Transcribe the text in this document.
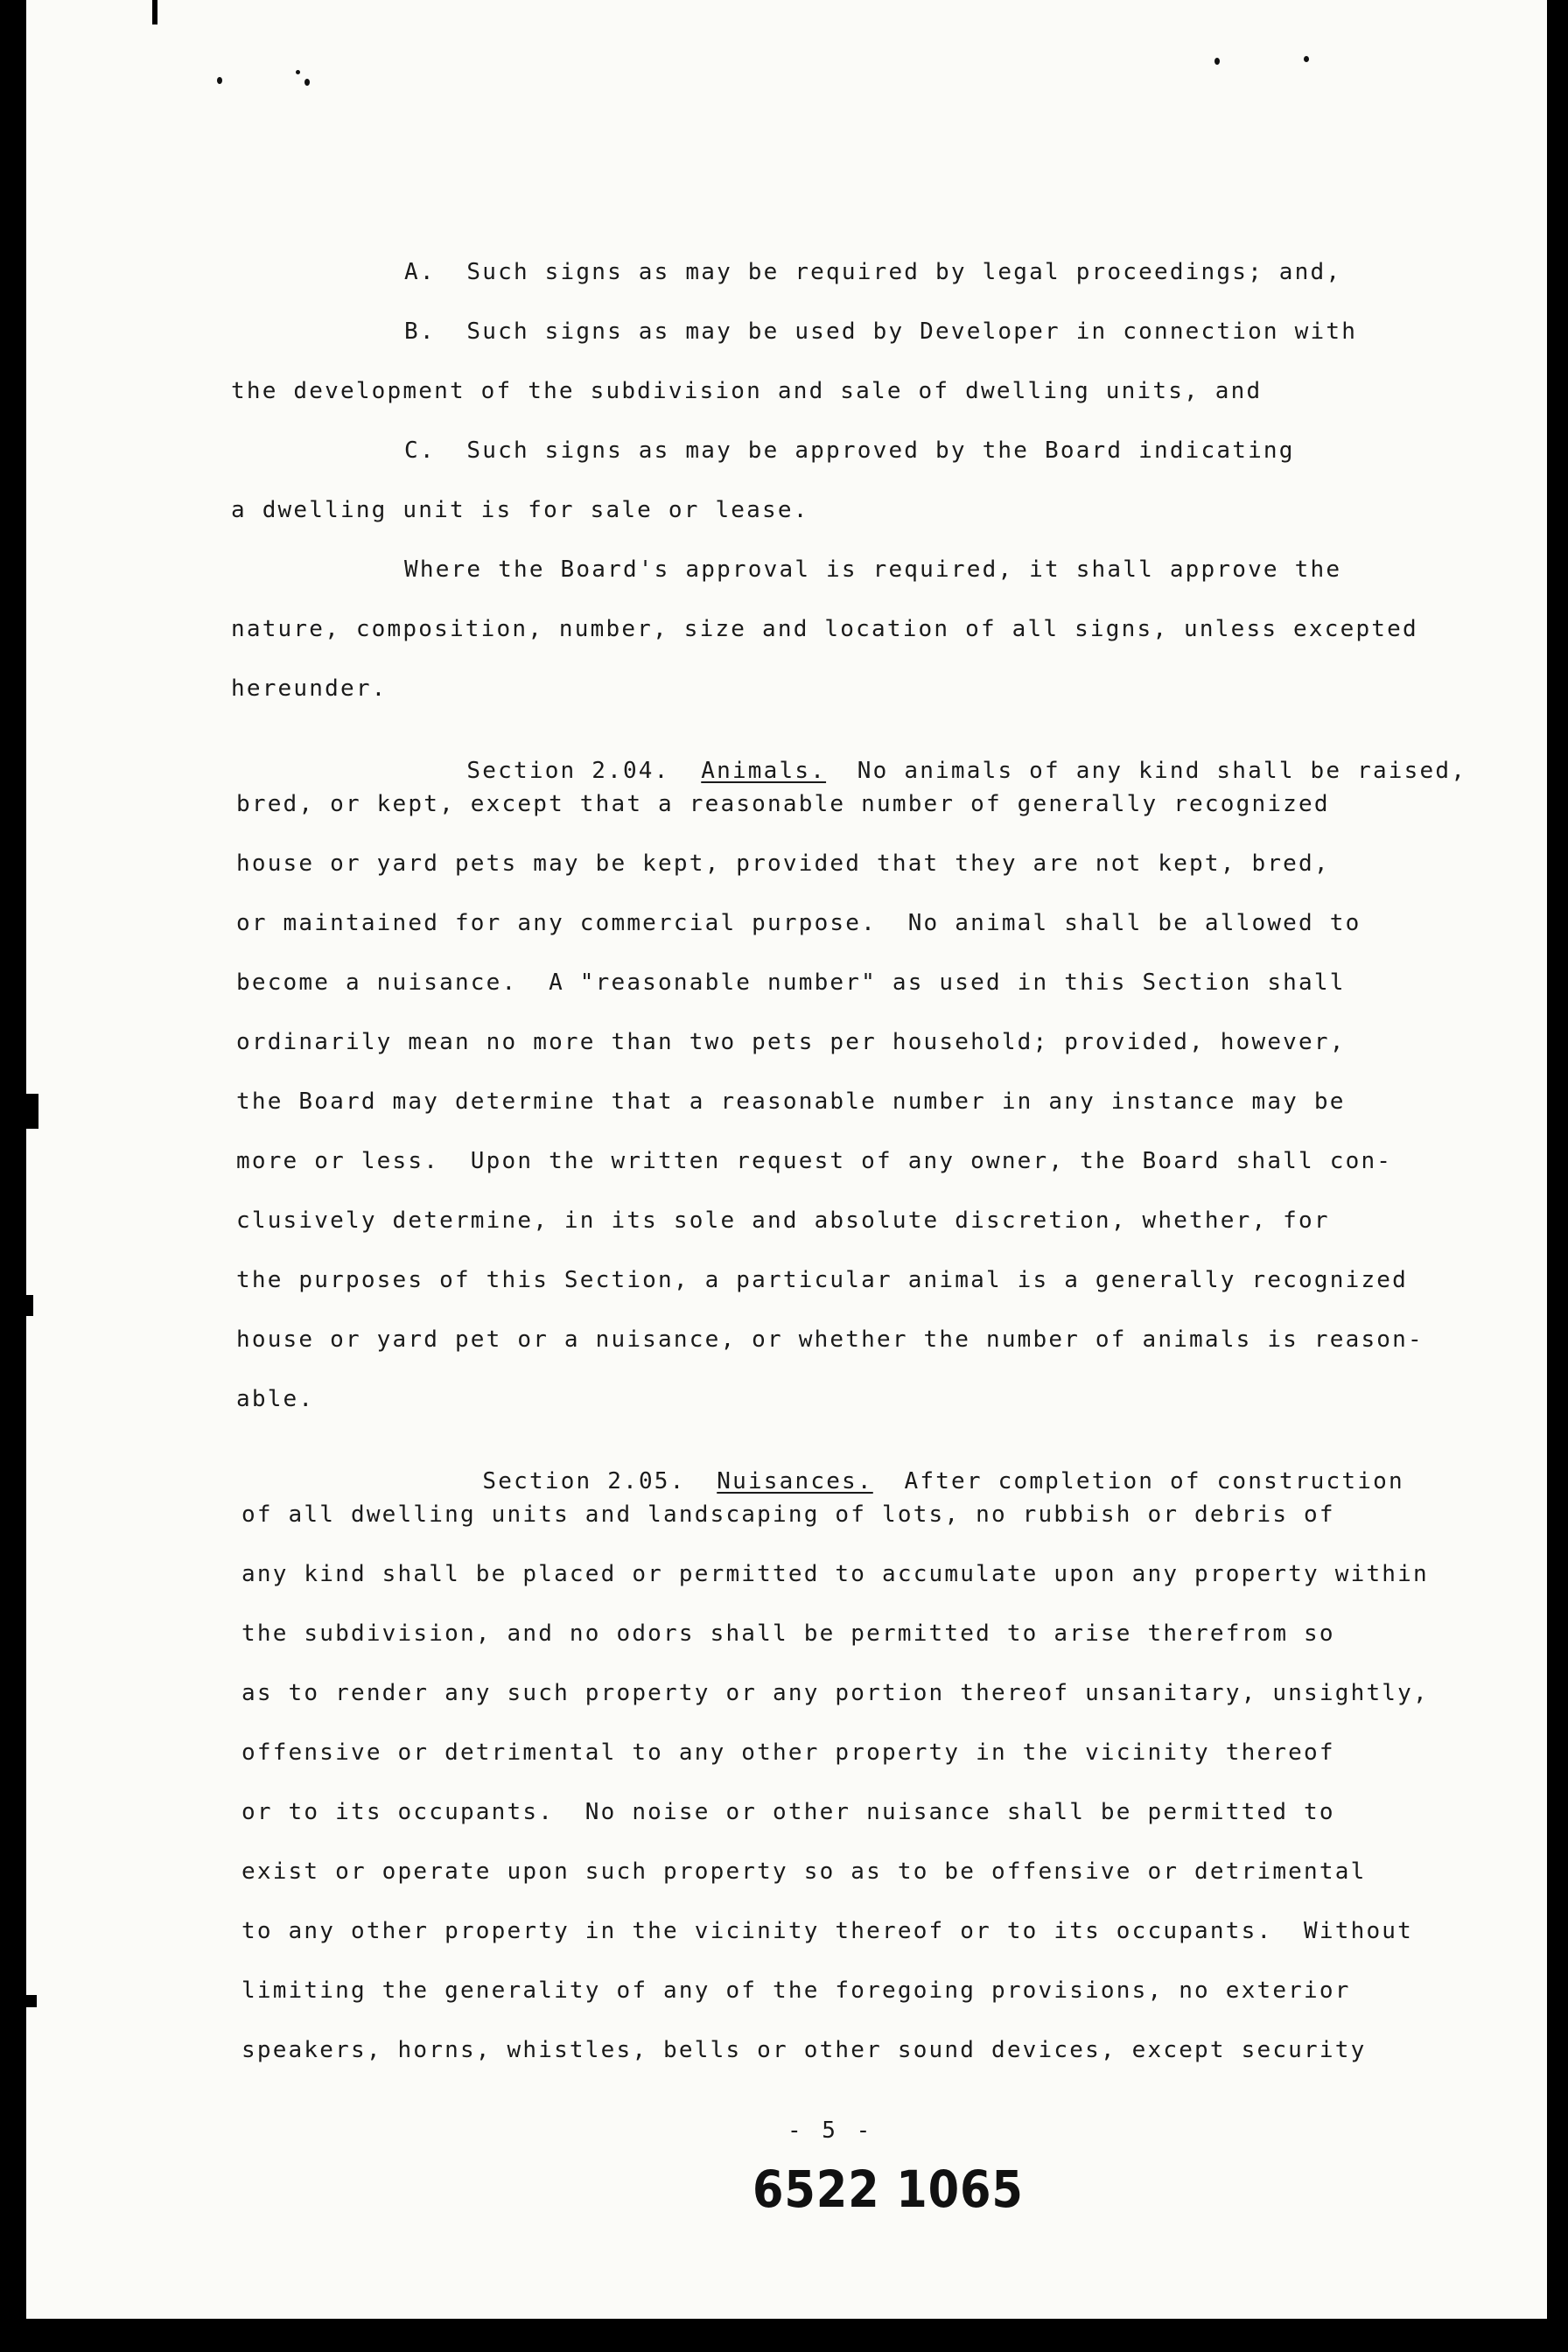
A.  Such signs as may be required by legal proceedings; and,
B.  Such signs as may be used by Developer in connection with
the development of the subdivision and sale of dwelling units, and
C.  Such signs as may be approved by the Board indicating
a dwelling unit is for sale or lease.
Where the Board's approval is required, it shall approve the
nature, composition, number, size and location of all signs, unless excepted
hereunder.

Section 2.04. Animals. No animals of any kind shall be raised,

bred, or kept, except that a reasonable number of generally recognized
house or yard pets may be kept, provided that they are not kept, bred,
or maintained for any commercial purpose.  No animal shall be allowed to
become a nuisance.  A "reasonable number" as used in this Section shall
ordinarily mean no more than two pets per household; provided, however,
the Board may determine that a reasonable number in any instance may be
more or less.  Upon the written request of any owner, the Board shall con-
clusively determine, in its sole and absolute discretion, whether, for
the purposes of this Section, a particular animal is a generally recognized
house or yard pet or a nuisance, or whether the number of animals is reason-
able.

Section 2.05. Nuisances. After completion of construction

of all dwelling units and landscaping of lots, no rubbish or debris of
any kind shall be placed or permitted to accumulate upon any property within
the subdivision, and no odors shall be permitted to arise therefrom so
as to render any such property or any portion thereof unsanitary, unsightly,
offensive or detrimental to any other property in the vicinity thereof
or to its occupants.  No noise or other nuisance shall be permitted to
exist or operate upon such property so as to be offensive or detrimental
to any other property in the vicinity thereof or to its occupants.  Without
limiting the generality of any of the foregoing provisions, no exterior
speakers, horns, whistles, bells or other sound devices, except security
- 5 -
6522 1065
